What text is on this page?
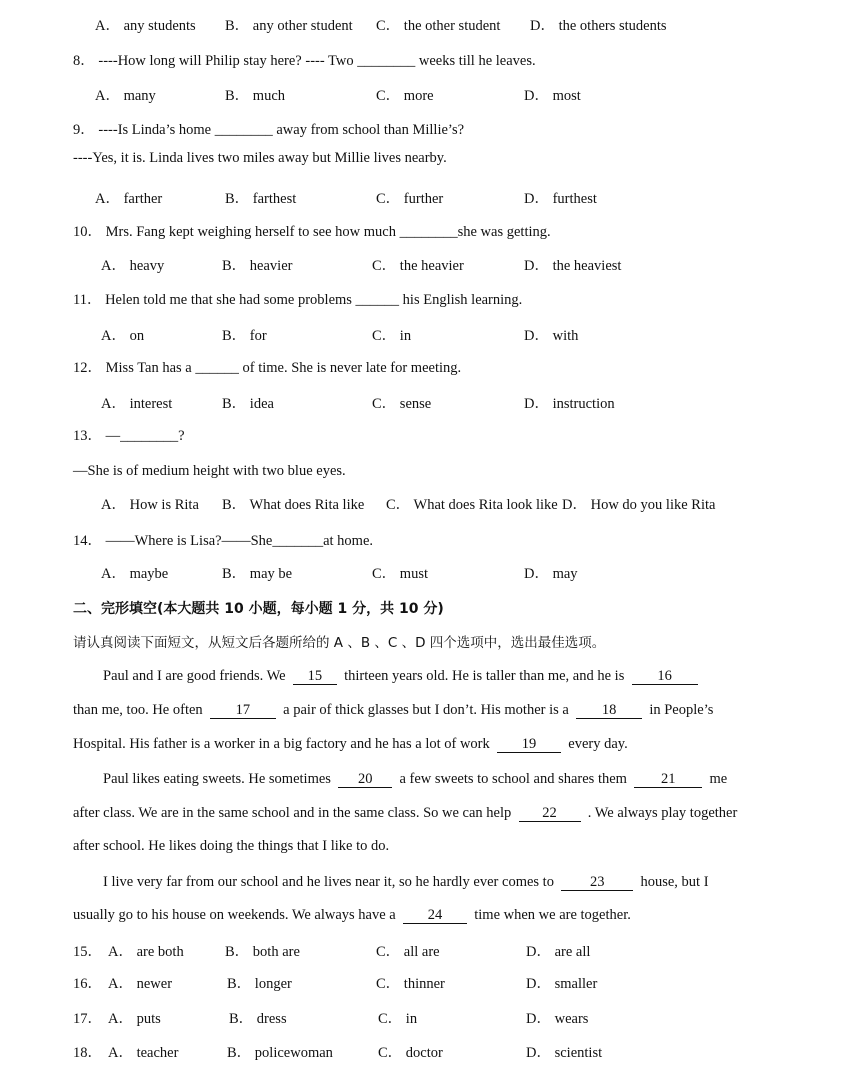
A． any students B． any other student C． the other student D． the others students
8． ----How long will Philip stay here? ---- Two ________ weeks till he leaves.
A． many	B． much	C． more	D． most
9． ----Is Linda’s home ________ away from school than Millie’s?
----Yes, it is. Linda lives two miles away but Millie lives nearby.
A． farther	B． farthest	C． further	D． furthest
10． Mrs. Fang kept weighing herself to see how much ________she was getting.
A． heavy	B． heavier	C． the heavier	D． the heaviest
11． Helen told me that she had some problems ______ his English learning.
A． on	B． for	C． in	D． with
12． Miss Tan has a ______ of time. She is never late for meeting.
A． interest	B． idea	C． sense	D． instruction
13． —________?
—She is of medium height with two blue eyes.
A． How is Rita B． What does Rita like C． What does Rita look like D． How do you like Rita
14． ——Where is Lisa?——She_______at home.
A． maybe	B． may be	C． must	D． may
二、完形填空(本大题共 10 小题，每小题 1 分，共 10 分)
请认真阅读下面短文，从短文后各题所给的 A 、B 、C 、D 四个选项中，选出最佳选项。
Paul and I are good friends. We 15 thirteen years old. He is taller than me, and he is 16
than me, too. He often 17 a pair of thick glasses but I don’t. His mother is a 18 in People’s
Hospital. His father is a worker in a big factory and he has a lot of work 19 every day.
Paul likes eating sweets. He sometimes 20 a few sweets to school and shares them 21 me
after class. We are in the same school and in the same class. So we can help 22 . We always play together
after school. He likes doing the things that I like to do.
I live very far from our school and he lives near it, so he hardly ever comes to 23 house, but I
usually go to his house on weekends. We always have a 24 time when we are together.
15． A． are both	B． both are	C． all are	D． are all
16． A． newer	B． longer	C． thinner	D． smaller
17． A． puts	B． dress	C． in	D． wears
18． A． teacher	B． policewoman	C． doctor	D． scientist
